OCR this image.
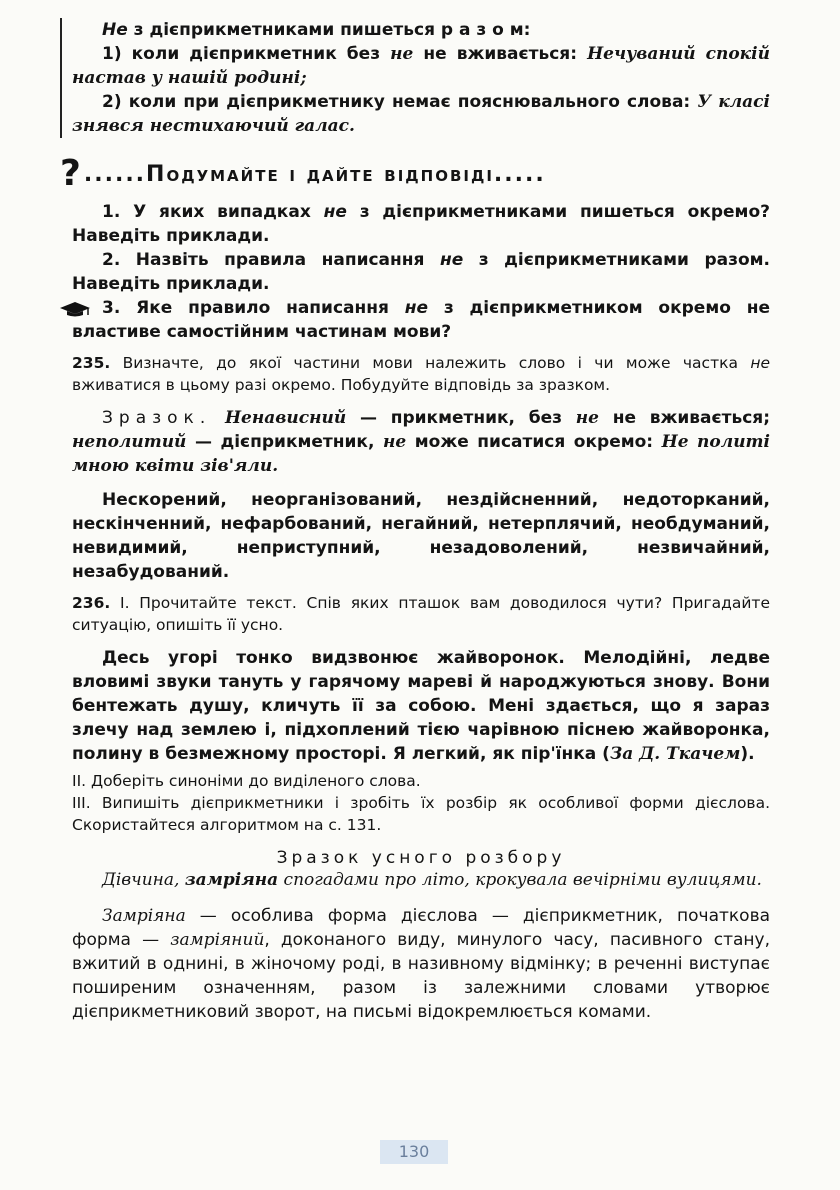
Не з дієприкметниками пишеться р а з о м:

1) коли дієприкметник без не не вживається: Нечуваний спокій настав у нашій родині;

2) коли при дієприкметнику немає пояснювального слова: У класі знявся нестихаючий галас.

? ...... Подумайте і дайте відповіді .....

1. У яких випадках не з дієприкметниками пишеться окремо? Наведіть приклади.

2. Назвіть правила написання не з дієприкметниками разом. Наведіть приклади.

3. Яке правило написання не з дієприкметником окремо не властиве самостійним частинам мови?

235. Визначте, до якої частини мови належить слово і чи може частка не вживатися в цьому разі окремо. Побудуйте відповідь за зразком.

Зразок. Ненависний — прикметник, без не не вживається; неполитий — дієприкметник, не може писатися окремо: Не политі мною квіти зів'яли.

Нескорений, неорганізований, нездійсненний, недоторканий, нескінченний, нефарбований, негайний, нетерплячий, необдуманий, невидимий, неприступний, незадоволений, незвичайний, незабудований.

236. I. Прочитайте текст. Спів яких пташок вам доводилося чути? Пригадайте ситуацію, опишіть її усно.

Десь угорі тонко видзвонює жайворонок. Мелодійні, ледве вловимі звуки тануть у гарячому мареві й народжуються знову. Вони бентежать душу, кличуть її за собою. Мені здається, що я зараз злечу над землею і, підхоплений тією чарівною піснею жайворонка, полину в безмежному просторі. Я легкий, як пір'їнка (За Д. Ткачем).

II. Доберіть синоніми до виділеного слова.

III. Випишіть дієприкметники і зробіть їх розбір як особливої форми дієслова. Скористайтеся алгоритмом на с. 131.

Зразок усного розбору

Дівчина, замріяна спогадами про літо, крокувала вечірніми вулицями.

Замріяна — особлива форма дієслова — дієприкметник, початкова форма — замріяний, доконаного виду, минулого часу, пасивного стану, вжитий в однині, в жіночому роді, в називному відмінку; в реченні виступає поширеним означенням, разом із залежними словами утворює дієприкметниковий зворот, на письмі відокремлюється комами.

130
